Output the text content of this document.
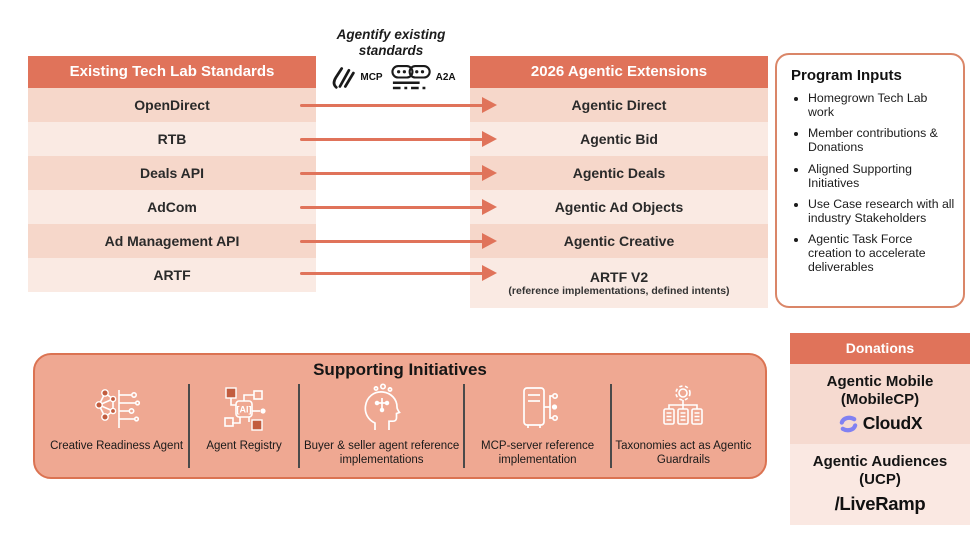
Agentify existing
standards
MCP	A2A
Existing Tech Lab Standards
OpenDirect
RTB
Deals API
AdCom
Ad Management API
ARTF
2026 Agentic Extensions
Agentic Direct
Agentic Bid
Agentic Deals
Agentic Ad Objects
Agentic Creative
ARTF V2
(reference implementations, defined intents)
Program Inputs
• Homegrown Tech Lab work
• Member contributions & Donations
• Aligned Supporting Initiatives
• Use Case research with all industry Stakeholders
• Agentic Task Force creation to accelerate deliverables
Supporting Initiatives
Creative Readiness Agent
[AI]
Agent Registry	Buyer & seller agent reference implementations
MCP-server reference implementation
Taxonomies act as Agentic Guardrails
Donations
Agentic Mobile
(MobileCP)
CloudX
Agentic Audiences
(UCP)
/LiveRamp
